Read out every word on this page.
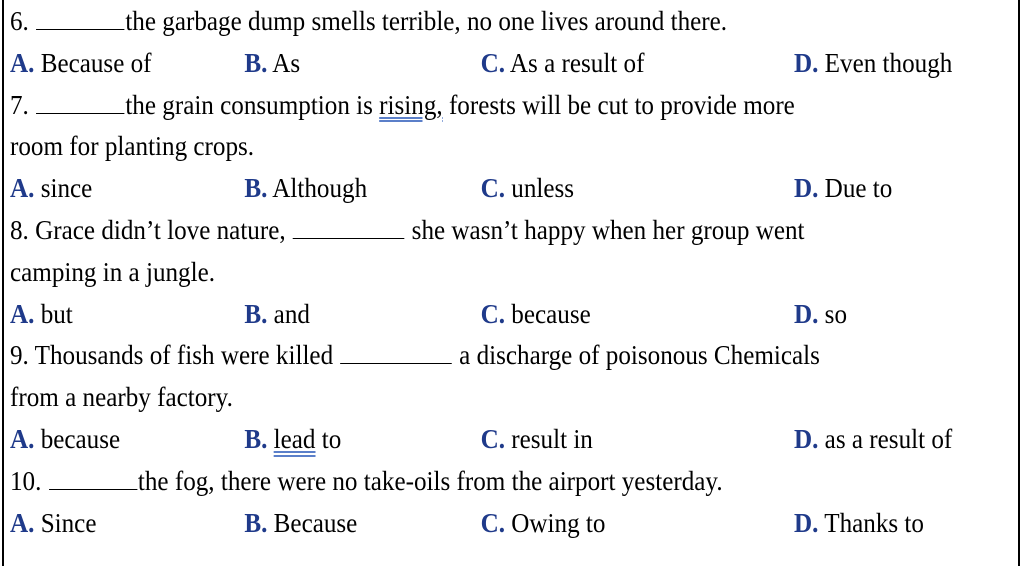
6.	the garbage dump smells terrible, no one lives around there.
A. Because of	B. As	C. As a result of	D. Even though
7.	the grain consumption is rising, forests will be cut to provide more
room for planting crops.
A. since	B. Although	C. unless	D. Due to
8. Grace didn’t love nature,	she wasn’t happy when her group went
camping in a jungle.
A. but	B. and	C. because	D. so
9. Thousands of fish were killed	a discharge of poisonous Chemicals
from a nearby factory.
A. because	B. lead to	C. result in	D. as a result of
10.	the fog, there were no take-oils from the airport yesterday.
A. Since	B. Because	C. Owing to	D. Thanks to
